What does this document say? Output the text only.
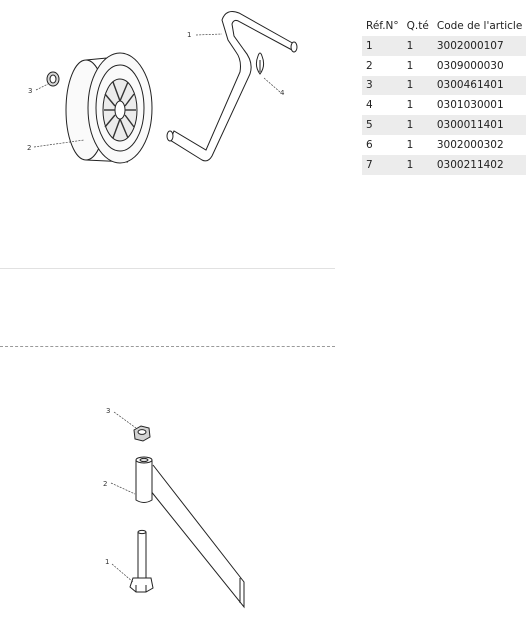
1
2
3	4
3
2
1
Réf.N°	Q.té	Code de l'article
1	1	3002000107
2	1	0309000030
3	1	0300461401
4	1	0301030001
5	1	0300011401
6	1	3002000302
7	1	0300211402
